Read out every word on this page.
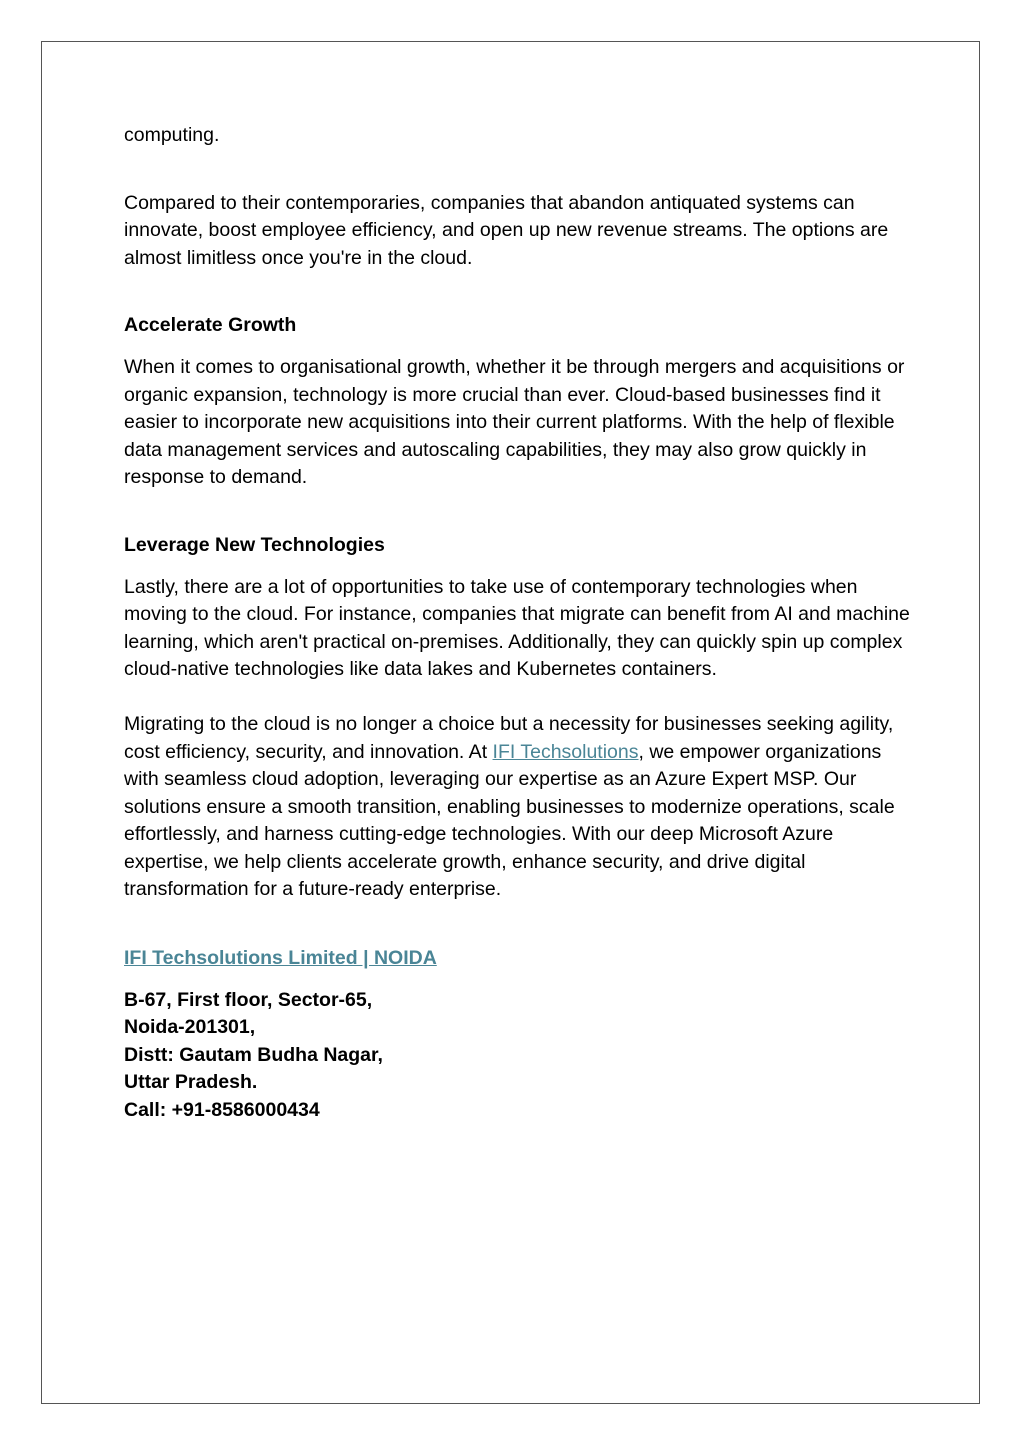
computing.

Compared to their contemporaries, companies that abandon antiquated systems can innovate, boost employee efficiency, and open up new revenue streams. The options are almost limitless once you're in the cloud.

Accelerate Growth

When it comes to organisational growth, whether it be through mergers and acquisitions or organic expansion, technology is more crucial than ever. Cloud-based businesses find it easier to incorporate new acquisitions into their current platforms. With the help of flexible data management services and autoscaling capabilities, they may also grow quickly in response to demand.

Leverage New Technologies

Lastly, there are a lot of opportunities to take use of contemporary technologies when moving to the cloud. For instance, companies that migrate can benefit from AI and machine learning, which aren't practical on-premises. Additionally, they can quickly spin up complex cloud-native technologies like data lakes and Kubernetes containers.

Migrating to the cloud is no longer a choice but a necessity for businesses seeking agility, cost efficiency, security, and innovation. At IFI Techsolutions, we empower organizations with seamless cloud adoption, leveraging our expertise as an Azure Expert MSP. Our solutions ensure a smooth transition, enabling businesses to modernize operations, scale effortlessly, and harness cutting-edge technologies. With our deep Microsoft Azure expertise, we help clients accelerate growth, enhance security, and drive digital transformation for a future-ready enterprise.

IFI Techsolutions Limited | NOIDA

B-67, First floor, Sector-65,
Noida-201301,
Distt: Gautam Budha Nagar,
Uttar Pradesh.
Call: +91-8586000434
